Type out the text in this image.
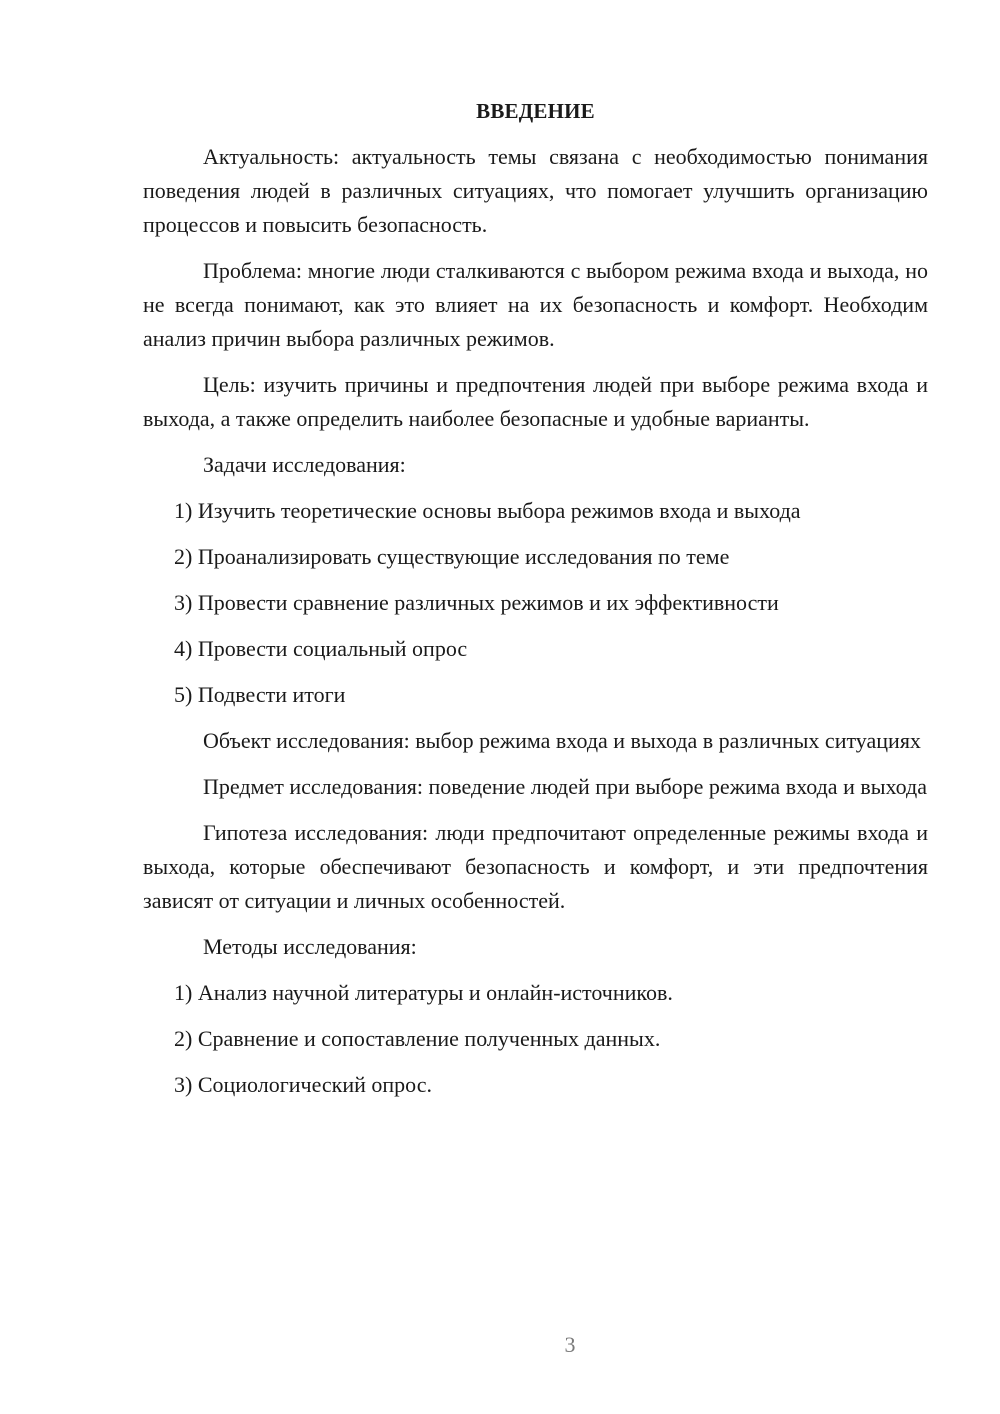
ВВЕДЕНИЕ

Актуальность: актуальность темы связана с необходимостью понимания поведения людей в различных ситуациях, что помогает улучшить организацию процессов и повысить безопасность.

Проблема: многие люди сталкиваются с выбором режима входа и выхода, но не всегда понимают, как это влияет на их безопасность и комфорт. Необходим анализ причин выбора различных режимов.

Цель: изучить причины и предпочтения людей при выборе режима входа и выхода, а также определить наиболее безопасные и удобные варианты.

Задачи исследования:

1) Изучить теоретические основы выбора режимов входа и выхода

2) Проанализировать существующие исследования по теме

3) Провести сравнение различных режимов и их эффективности

4) Провести социальный опрос

5) Подвести итоги

Объект исследования: выбор режима входа и выхода в различных ситуациях

Предмет исследования: поведение людей при выборе режима входа и выхода

Гипотеза исследования: люди предпочитают определенные режимы входа и выхода, которые обеспечивают безопасность и комфорт, и эти предпочтения зависят от ситуации и личных особенностей.

Методы исследования:

1) Анализ научной литературы и онлайн-источников.

2) Сравнение и сопоставление полученных данных.

3) Социологический опрос.

3
